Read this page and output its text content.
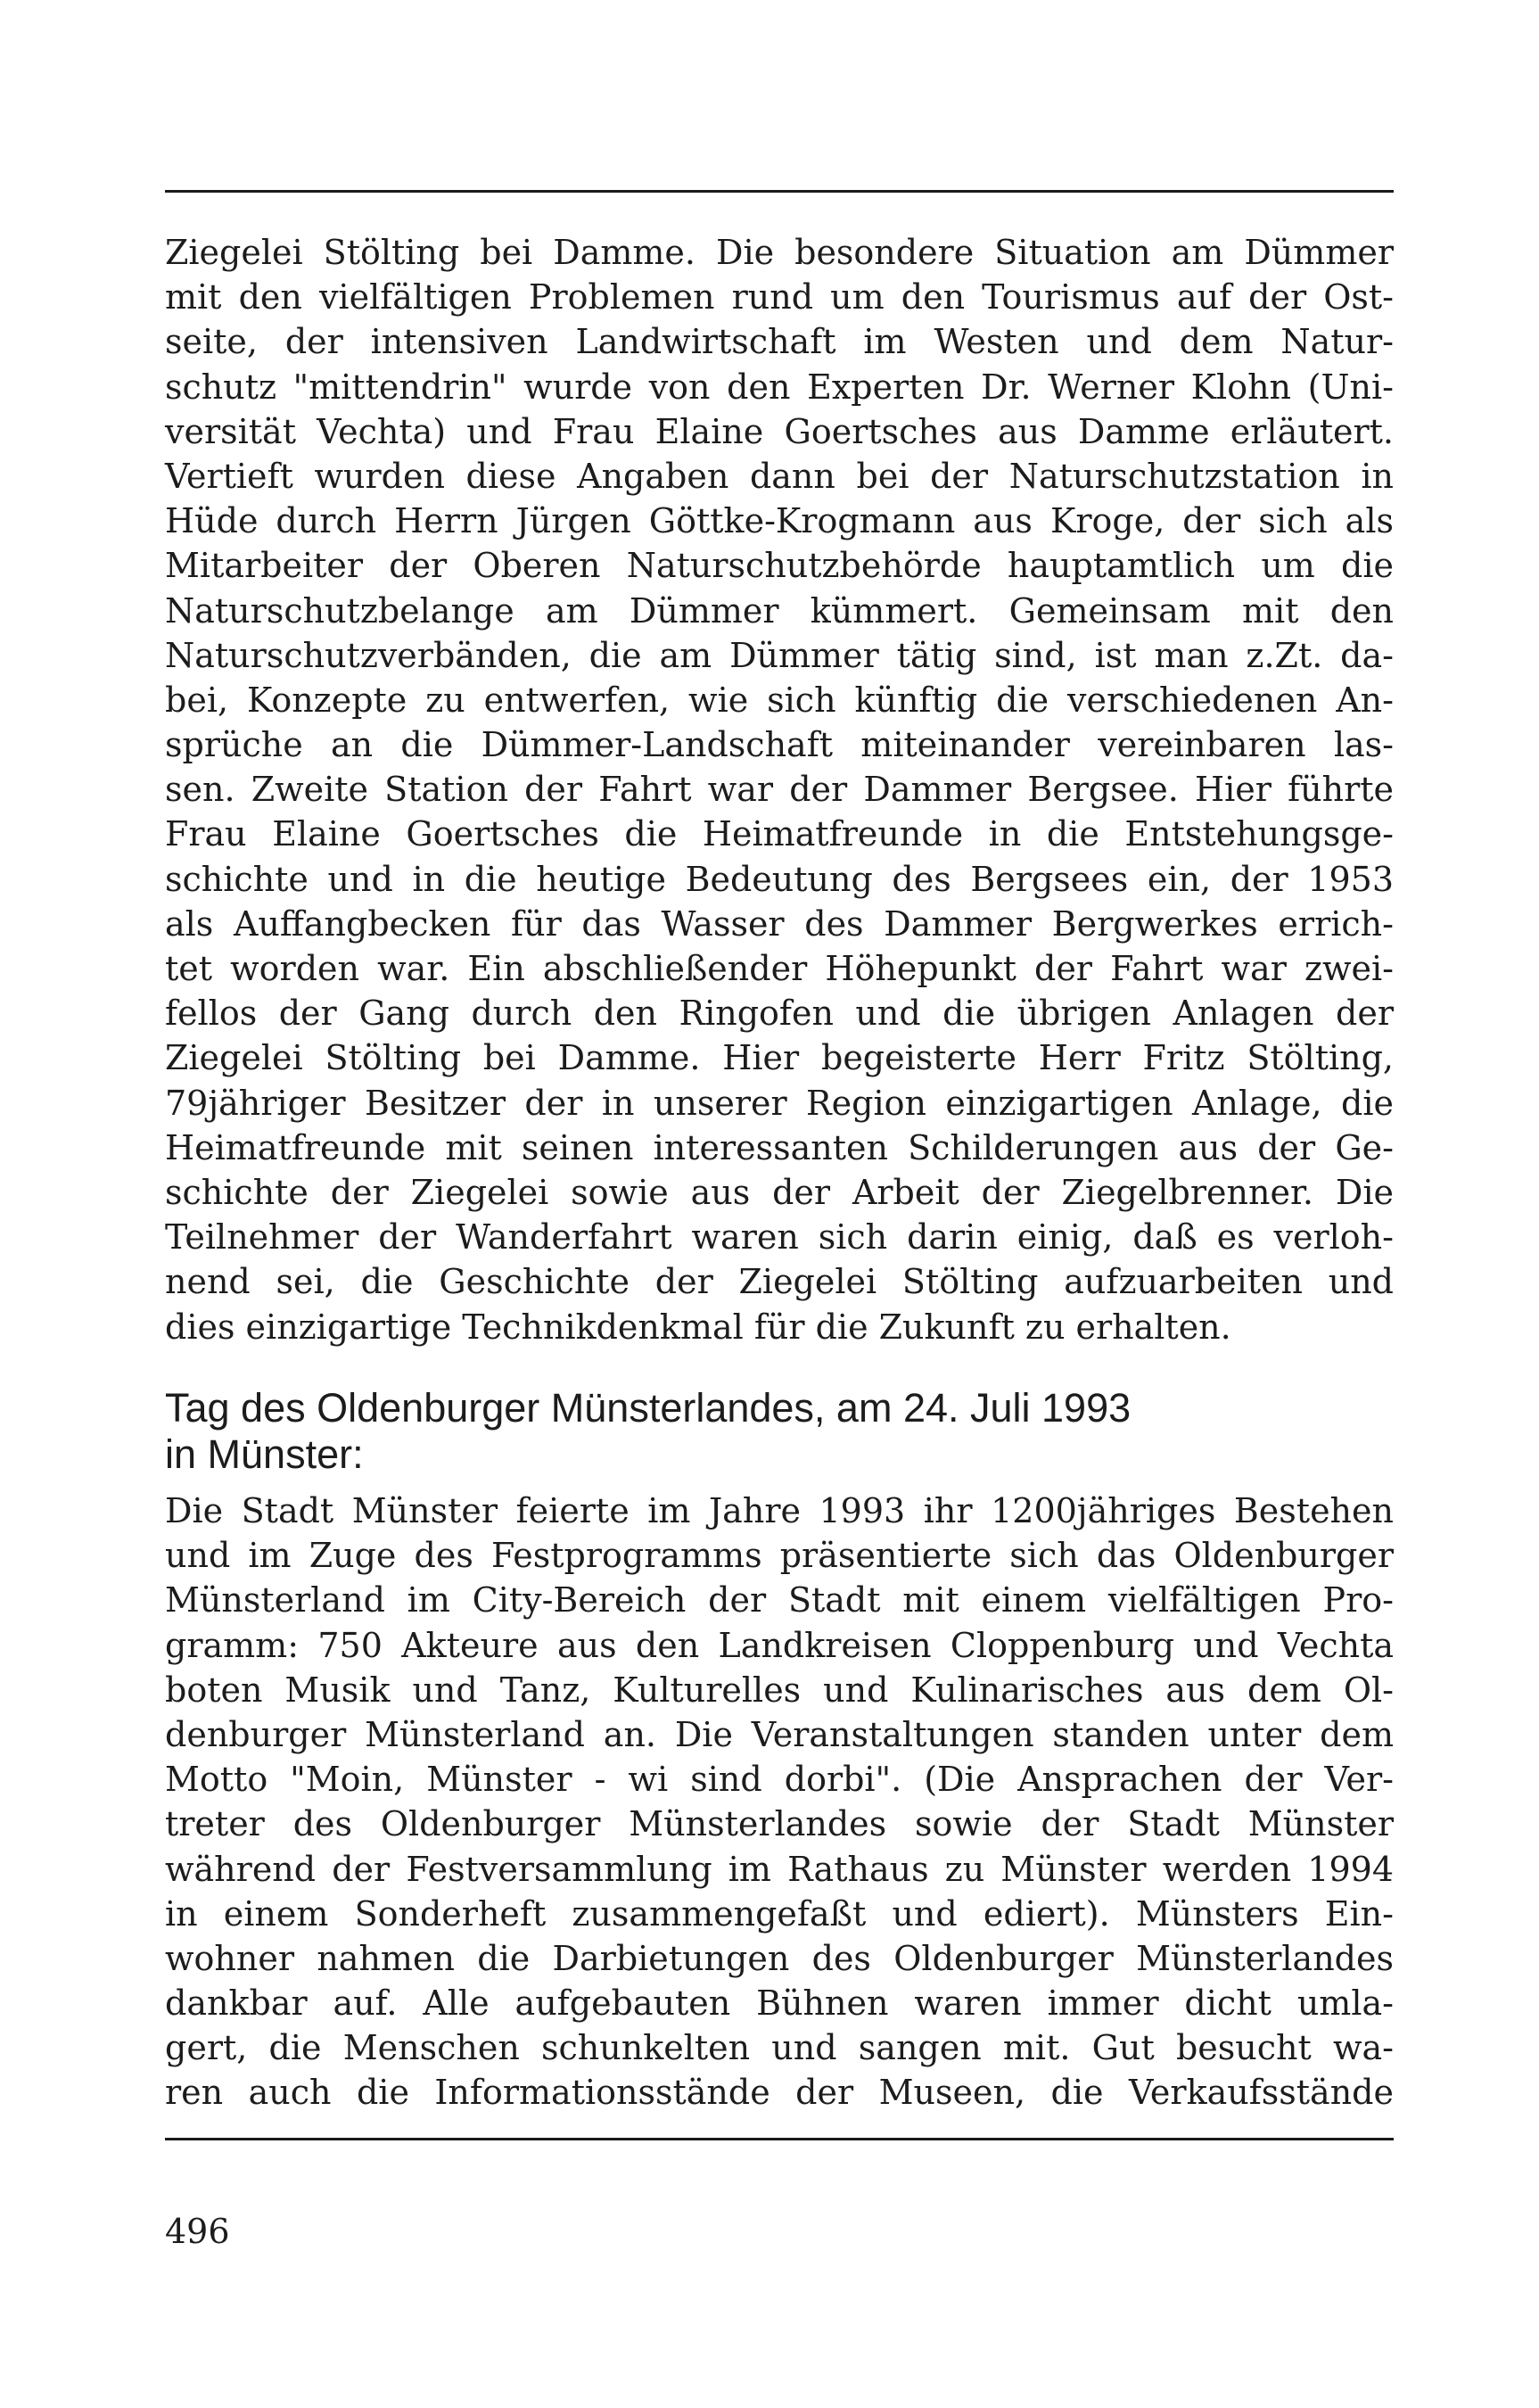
Ziegelei Stölting bei Damme. Die besondere Situation am Dümmer
mit den vielfältigen Problemen rund um den Tourismus auf der Ost-
seite, der intensiven Landwirtschaft im Westen und dem Natur-
schutz "mittendrin" wurde von den Experten Dr. Werner Klohn (Uni-
versität Vechta) und Frau Elaine Goertsches aus Damme erläutert.
Vertieft wurden diese Angaben dann bei der Naturschutzstation in
Hüde durch Herrn Jürgen Göttke-Krogmann aus Kroge, der sich als
Mitarbeiter der Oberen Naturschutzbehörde hauptamtlich um die
Naturschutzbelange am Dümmer kümmert. Gemeinsam mit den
Naturschutzverbänden, die am Dümmer tätig sind, ist man z.Zt. da-
bei, Konzepte zu entwerfen, wie sich künftig die verschiedenen An-
sprüche an die Dümmer-Landschaft miteinander vereinbaren las-
sen. Zweite Station der Fahrt war der Dammer Bergsee. Hier führte
Frau Elaine Goertsches die Heimatfreunde in die Entstehungsge-
schichte und in die heutige Bedeutung des Bergsees ein, der 1953
als Auffangbecken für das Wasser des Dammer Bergwerkes errich-
tet worden war. Ein abschließender Höhepunkt der Fahrt war zwei-
fellos der Gang durch den Ringofen und die übrigen Anlagen der
Ziegelei Stölting bei Damme. Hier begeisterte Herr Fritz Stölting,
79jähriger Besitzer der in unserer Region einzigartigen Anlage, die
Heimatfreunde mit seinen interessanten Schilderungen aus der Ge-
schichte der Ziegelei sowie aus der Arbeit der Ziegelbrenner. Die
Teilnehmer der Wanderfahrt waren sich darin einig, daß es verloh-
nend sei, die Geschichte der Ziegelei Stölting aufzuarbeiten und
dies einzigartige Technikdenkmal für die Zukunft zu erhalten.
Tag des Oldenburger Münsterlandes, am 24. Juli 1993
in Münster:
Die Stadt Münster feierte im Jahre 1993 ihr 1200jähriges Bestehen
und im Zuge des Festprogramms präsentierte sich das Oldenburger
Münsterland im City-Bereich der Stadt mit einem vielfältigen Pro-
gramm: 750 Akteure aus den Landkreisen Cloppenburg und Vechta
boten Musik und Tanz, Kulturelles und Kulinarisches aus dem Ol-
denburger Münsterland an. Die Veranstaltungen standen unter dem
Motto "Moin, Münster - wi sind dorbi". (Die Ansprachen der Ver-
treter des Oldenburger Münsterlandes sowie der Stadt Münster
während der Festversammlung im Rathaus zu Münster werden 1994
in einem Sonderheft zusammengefaßt und ediert). Münsters Ein-
wohner nahmen die Darbietungen des Oldenburger Münsterlandes
dankbar auf. Alle aufgebauten Bühnen waren immer dicht umla-
gert, die Menschen schunkelten und sangen mit. Gut besucht wa-
ren auch die Informationsstände der Museen, die Verkaufsstände
496
